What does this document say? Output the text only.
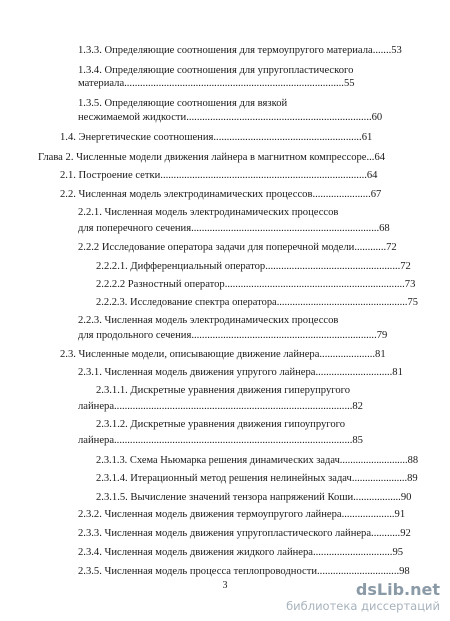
1.3.3. Определяющие соотношения для термоупругого материала.......53
1.3.4. Определяющие соотношения для упругопластического
материала...................................................................................55
1.3.5. Определяющие соотношения для вязкой
несжимаемой жидкости......................................................................60
1.4. Энергетические соотношения........................................................61
Глава 2. Численные модели движения лайнера в магнитном компрессоре...64
2.1. Построение сетки..............................................................................64
2.2. Численная модель электродинамических процессов......................67
2.2.1. Численная модель электродинамических процессов
для поперечного сечения.......................................................................68
2.2.2 Исследование оператора задачи для поперечной модели............72
2.2.2.1. Дифференциальный оператор...................................................72
2.2.2.2 Разностный оператор....................................................................73
2.2.2.3. Исследование спектра оператора..................................................75
2.2.3. Численная модель электродинамических процессов
для продольного сечения......................................................................79
2.3. Численные модели, описывающие движение лайнера.....................81
2.3.1. Численная модель движения упругого лайнера.............................81
2.3.1.1. Дискретные уравнения движения гиперупругого
лайнера..........................................................................................82
2.3.1.2. Дискретные уравнения движения гипоупругого
лайнера..........................................................................................85
2.3.1.3. Схема Ньюмарка решения динамических задач..........................88
2.3.1.4. Итерационный метод решения нелинейных задач.....................89
2.3.1.5. Вычисление значений тензора напряжений Коши..................90
2.3.2. Численная модель движения термоупругого лайнера....................91
2.3.3. Численная модель движения упругопластического лайнера...........92
2.3.4. Численная модель движения жидкого лайнера..............................95
2.3.5. Численная модель процесса теплопроводности...............................98
3	dsLib.net
библиотека диссертаций
